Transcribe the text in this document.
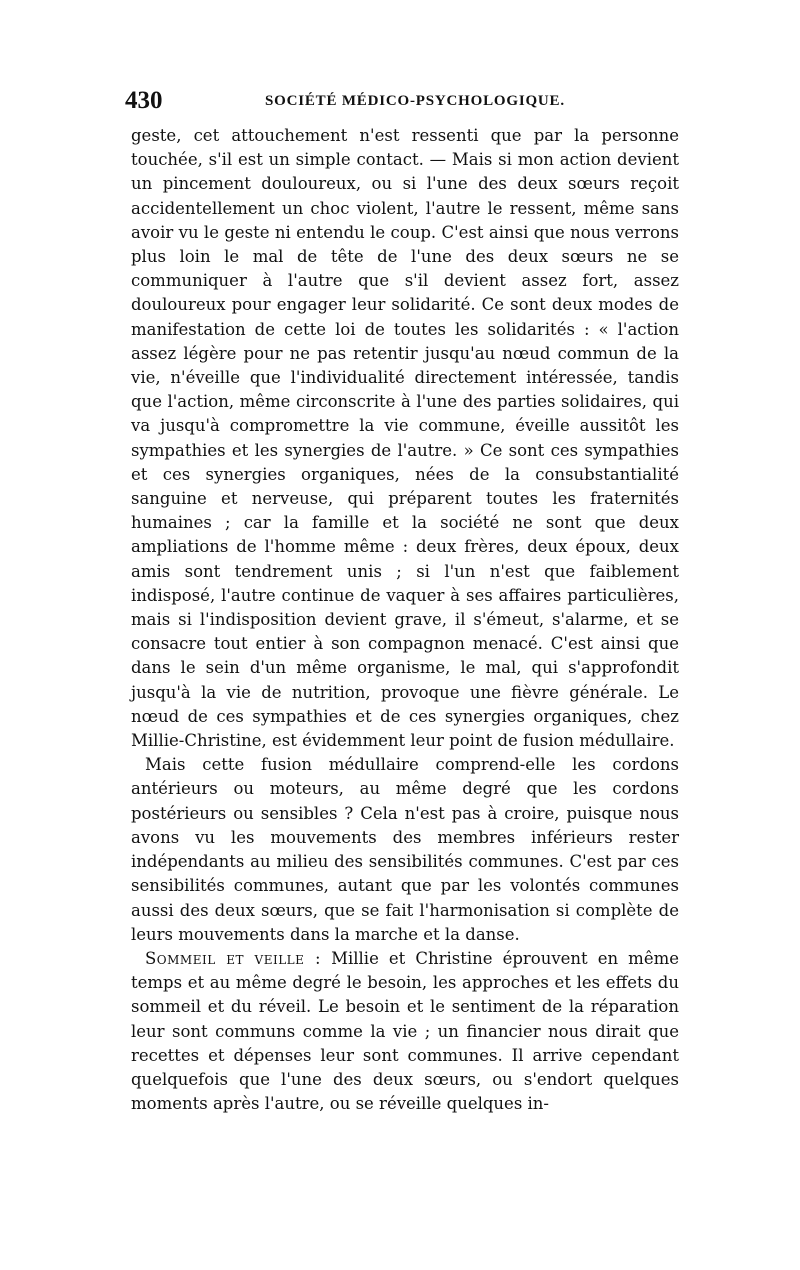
430	SOCIÉTÉ MÉDICO-PSYCHOLOGIQUE.

geste, cet attouchement n'est ressenti que par la personne touchée, s'il est un simple contact. — Mais si mon action devient un pincement douloureux, ou si l'une des deux sœurs reçoit accidentellement un choc violent, l'autre le ressent, même sans avoir vu le geste ni entendu le coup. C'est ainsi que nous verrons plus loin le mal de tête de l'une des deux sœurs ne se communiquer à l'autre que s'il devient assez fort, assez douloureux pour engager leur solidarité. Ce sont deux modes de manifestation de cette loi de toutes les solidarités : « l'action assez légère pour ne pas retentir jusqu'au nœud commun de la vie, n'éveille que l'individualité directement intéressée, tandis que l'action, même circonscrite à l'une des parties solidaires, qui va jusqu'à compromettre la vie commune, éveille aussitôt les sympathies et les synergies de l'autre. » Ce sont ces sympathies et ces synergies organiques, nées de la consubstantialité sanguine et nerveuse, qui préparent toutes les fraternités humaines ; car la famille et la société ne sont que deux ampliations de l'homme même : deux frères, deux époux, deux amis sont tendrement unis ; si l'un n'est que faiblement indisposé, l'autre continue de vaquer à ses affaires particulières, mais si l'indisposition devient grave, il s'émeut, s'alarme, et se consacre tout entier à son compagnon menacé. C'est ainsi que dans le sein d'un même organisme, le mal, qui s'approfondit jusqu'à la vie de nutrition, provoque une fièvre générale. Le nœud de ces sympathies et de ces synergies organiques, chez Millie-Christine, est évidemment leur point de fusion médullaire.

Mais cette fusion médullaire comprend-elle les cordons antérieurs ou moteurs, au même degré que les cordons postérieurs ou sensibles ? Cela n'est pas à croire, puisque nous avons vu les mouvements des membres inférieurs rester indépendants au milieu des sensibilités communes. C'est par ces sensibilités communes, autant que par les volontés communes aussi des deux sœurs, que se fait l'harmonisation si complète de leurs mouvements dans la marche et la danse.

Sommeil et veille : Millie et Christine éprouvent en même temps et au même degré le besoin, les approches et les effets du sommeil et du réveil. Le besoin et le sentiment de la réparation leur sont communs comme la vie ; un financier nous dirait que recettes et dépenses leur sont communes. Il arrive cependant quelquefois que l'une des deux sœurs, ou s'endort quelques moments après l'autre, ou se réveille quelques in-
